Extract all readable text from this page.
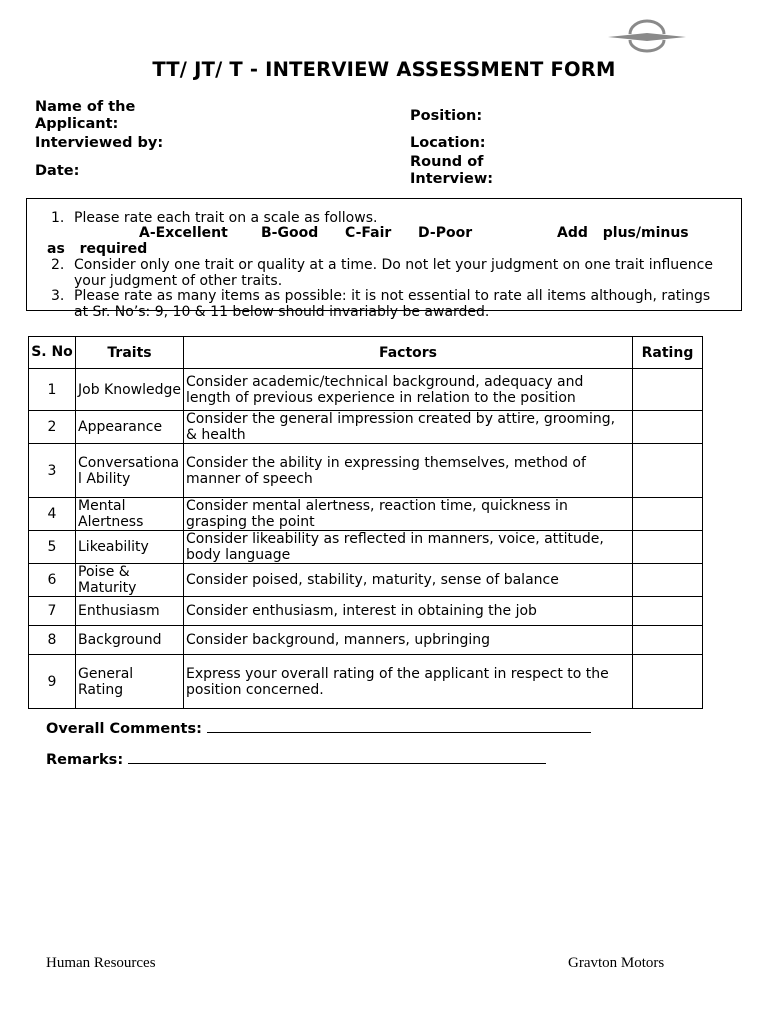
TT/ JT/ T - INTERVIEW ASSESSMENT FORM
Name of the Applicant:	Position:
Interviewed by:	Location:
Date:
Round of Interview:
1. Please rate each trait on a scale as follows.
A-Excellent B-Good C-Fair D-Poor	Add plus/minus as required
2. Consider only one trait or quality at a time. Do not let your judgment on one trait influence your judgment of other traits.
3. Please rate as many items as possible: it is not essential to rate all items although, ratings at Sr. No’s: 9, 10 & 11 below should invariably be awarded.
S. No	Traits	Factors	Rating
1	Job Knowledge	Consider academic/technical background, adequacy and length of previous experience in relation to the position	
2	Appearance	Consider the general impression created by attire, grooming, & health	
3	Conversational Ability	Consider the ability in expressing themselves, method of manner of speech	
4	Mental Alertness	Consider mental alertness, reaction time, quickness in grasping the point	
5	Likeability	Consider likeability as reflected in manners, voice, attitude, body language	
6	Poise & Maturity	Consider poised, stability, maturity, sense of balance	
7	Enthusiasm	Consider enthusiasm, interest in obtaining the job	
8	Background	Consider background, manners, upbringing	
9	General Rating	Express your overall rating of the applicant in respect to the position concerned.	
Overall Comments:
Remarks:
Human Resources	Gravton Motors
